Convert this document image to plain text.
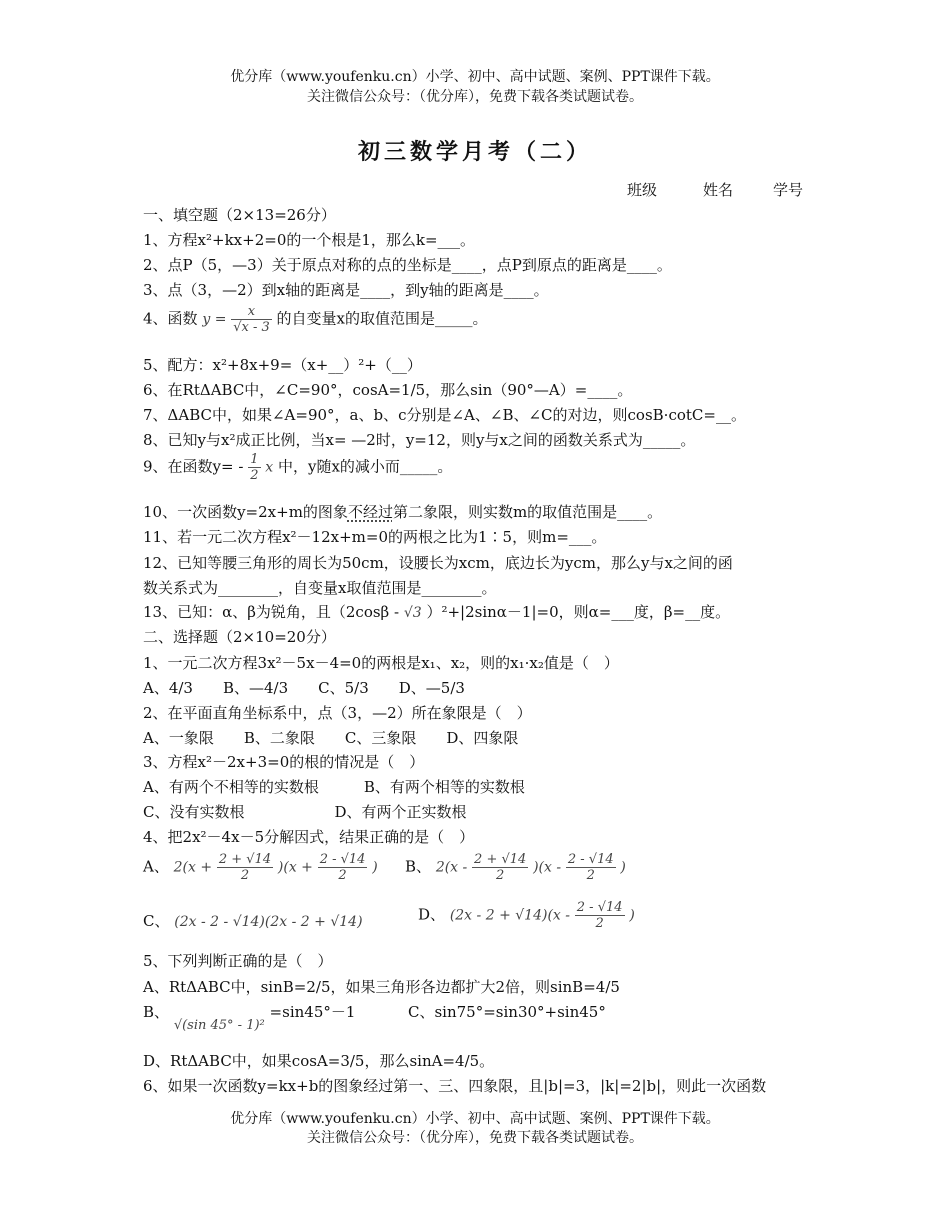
优分库（www.youfenku.cn）小学、初中、高中试题、案例、PPT课件下载。
关注微信公众号：（优分库），免费下载各类试题试卷。
初三数学月考（二）
班级	姓名	学号
一、填空题（2×13=26分）
1、方程x²+kx+2=0的一个根是1，那么k=___。
2、点P（5，—3）关于原点对称的点的坐标是____，点P到原点的距离是____。
3、点（3，—2）到x轴的距离是____，到y轴的距离是____。
4、函数 $y = \frac{x}{√x - 3}$ 的自变量x的取值范围是_____。
5、配方：x²+8x+9=（x+__）²+（__）
6、在RtΔABC中，∠C=90°，cosA=1/5，那么sin（90°—A）=____。
7、ΔABC中，如果∠A=90°，a、b、c分别是∠A、∠B、∠C的对边，则cosB·cotC=__。
8、已知y与x²成正比例，当x= —2时，y=12，则y与x之间的函数关系式为_____。
9、在函数$y= - \frac{1}{2}$ x 中，y随x的减小而_____。
10、一次函数y=2x+m的图象不经过第二象限，则实数m的取值范围是____。
11、若一元二次方程x²－12x+m=0的两根之比为1∶5，则m=___。
12、已知等腰三角形的周长为50cm，设腰长为xcm，底边长为ycm，那么y与x之间的函
数关系式为________，自变量x取值范围是________。
13、已知：α、β为锐角，且（2cosβ - √3 ）²+|2sinα－1|=0，则α=___度，β=__度。
二、选择题（2×10=20分）
1、一元二次方程3x²－5x－4=0的两根是x₁、x₂，则的x₁·x₂值是（　）
A、4/3　　B、—4/3　　C、5/3　　D、—5/3
2、在平面直角坐标系中，点（3，—2）所在象限是（　）
A、一象限　　B、二象限　　C、三象限　　D、四象限
3、方程x²－2x+3=0的根的情况是（　）
A、有两个不相等的实数根　　　B、有两个相等的实数根
C、没有实数根　　　　　　D、有两个正实数根
4、把2x²－4x－5分解因式，结果正确的是（　）
A、 $2(x + \frac{2 + √14}{2} )(x + \frac{2 - √14}{2}$ ) B、 $2(x - \frac{2 + √14}{2} )(x - \frac{2 - √14}{2}$ )
C、 (2x - 2 - √14)(2x - 2 + √14)	D、 $(2x - 2 + √14)(x - \frac{2 - √14}{2}$ )
5、下列判断正确的是（　）
A、RtΔABC中，sinB=2/5，如果三角形各边都扩大2倍，则sinB=4/5
B、 √(sin 45° - 1)² =sin45°－1	C、sin75°=sin30°+sin45°
D、RtΔABC中，如果cosA=3/5，那么sinA=4/5。
6、如果一次函数y=kx+b的图象经过第一、三、四象限，且|b|=3，|k|=2|b|，则此一次函数
优分库（www.youfenku.cn）小学、初中、高中试题、案例、PPT课件下载。
关注微信公众号：（优分库），免费下载各类试题试卷。
